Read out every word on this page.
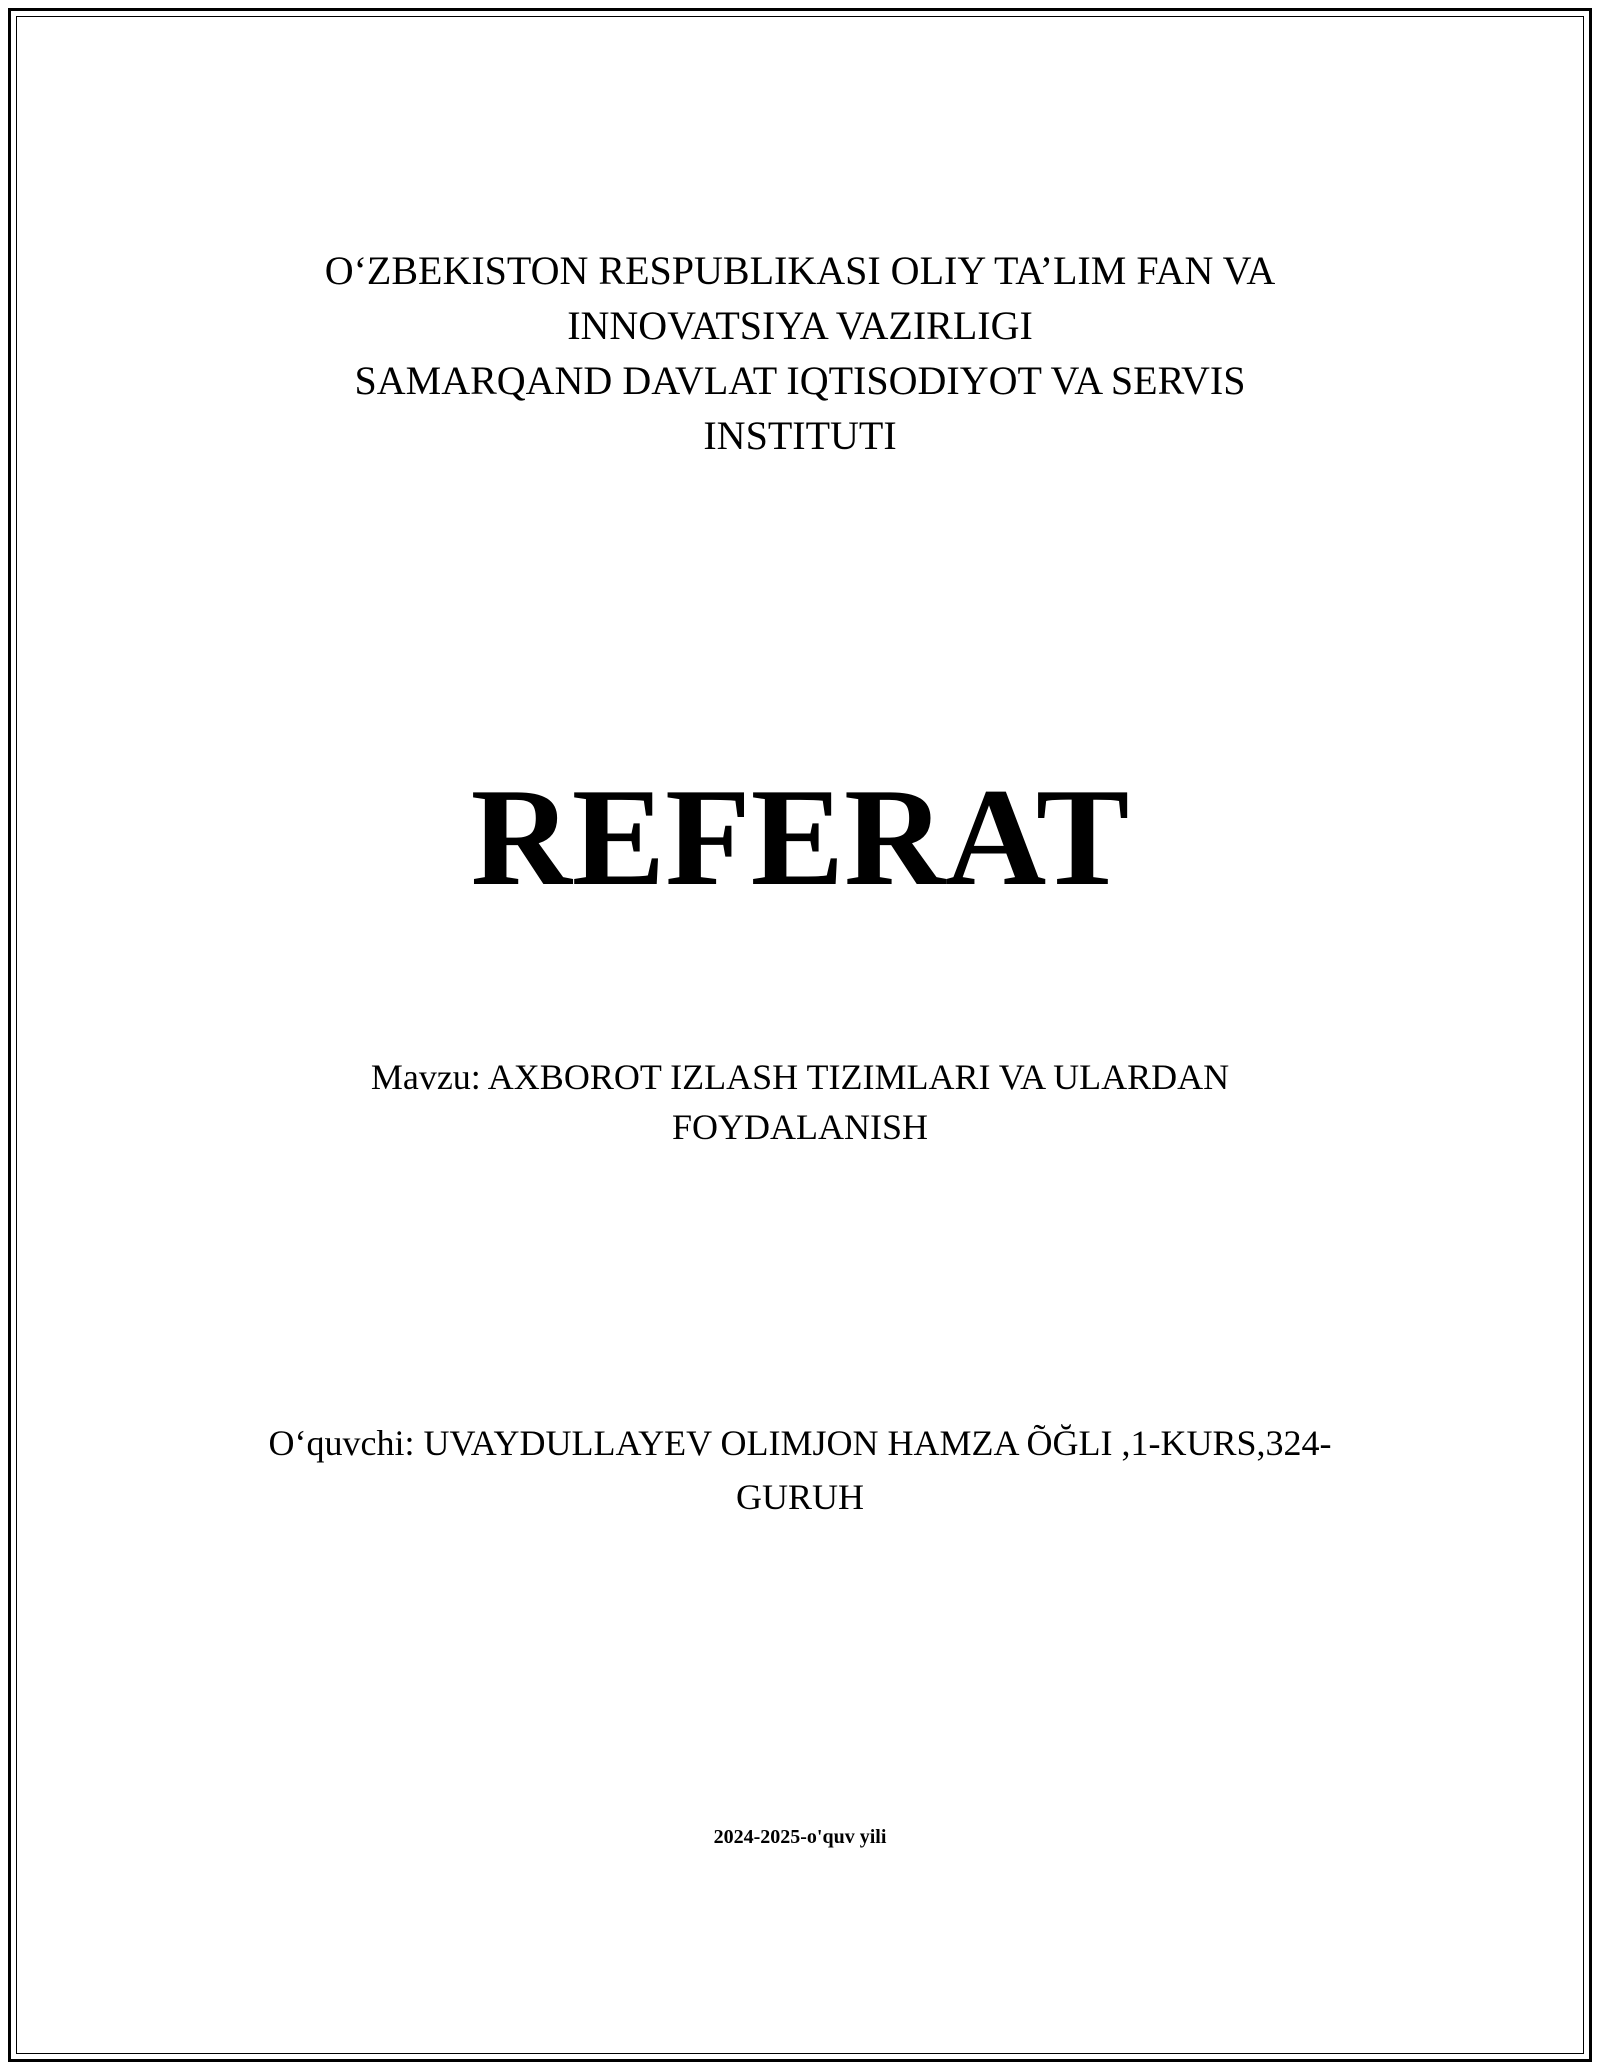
O‘ZBEKISTON RESPUBLIKASI OLIY TA’LIM FAN VA
INNOVATSIYA VAZIRLIGI
SAMARQAND DAVLAT IQTISODIYOT VA SERVIS
INSTITUTI
REFERAT
Mavzu: AXBOROT IZLASH TIZIMLARI VA ULARDAN
FOYDALANISH
O‘quvchi: UVAYDULLAYEV OLIMJON HAMZA ÕĞLI ,1-KURS,324-
GURUH
2024-2025-o'quv yili
